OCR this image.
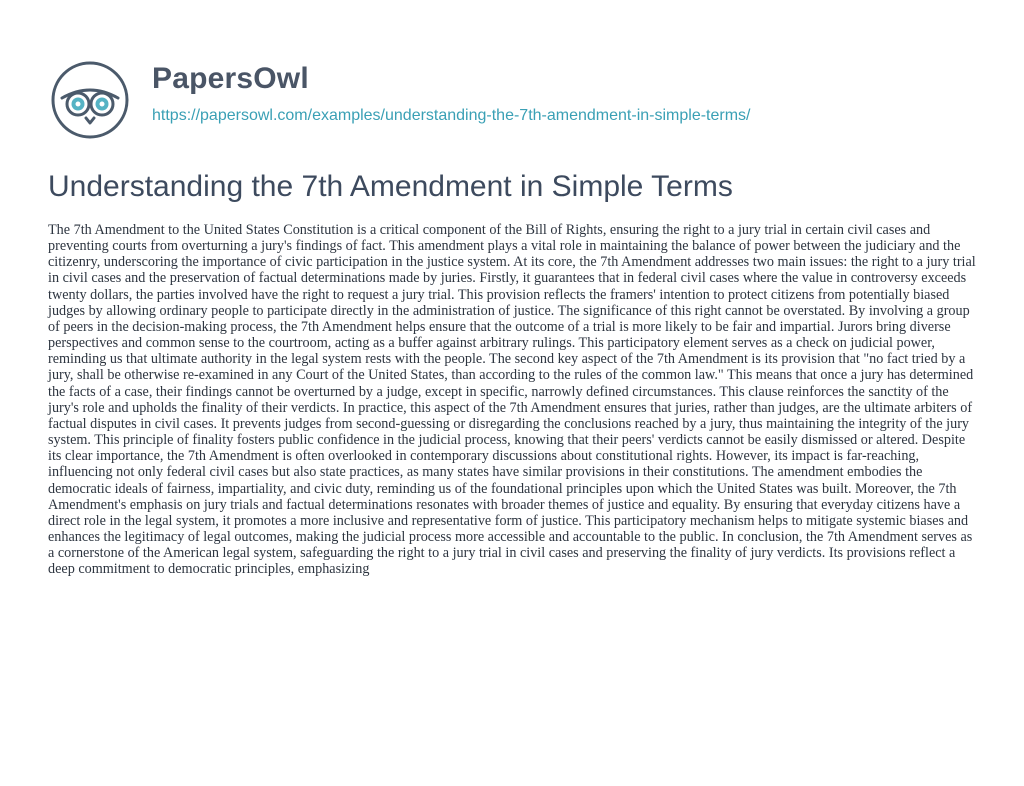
PapersOwl
https://papersowl.com/examples/understanding-the-7th-amendment-in-simple-terms/
Understanding the 7th Amendment in Simple Terms

The 7th Amendment to the United States Constitution is a critical component of the Bill of Rights, ensuring the right to a jury trial in certain civil cases and preventing courts from overturning a jury's findings of fact. This amendment plays a vital role in maintaining the balance of power between the judiciary and the citizenry, underscoring the importance of civic participation in the justice system. At its core, the 7th Amendment addresses two main issues: the right to a jury trial in civil cases and the preservation of factual determinations made by juries. Firstly, it guarantees that in federal civil cases where the value in controversy exceeds twenty dollars, the parties involved have the right to request a jury trial. This provision reflects the framers' intention to protect citizens from potentially biased judges by allowing ordinary people to participate directly in the administration of justice. The significance of this right cannot be overstated. By involving a group of peers in the decision-making process, the 7th Amendment helps ensure that the outcome of a trial is more likely to be fair and impartial. Jurors bring diverse perspectives and common sense to the courtroom, acting as a buffer against arbitrary rulings. This participatory element serves as a check on judicial power, reminding us that ultimate authority in the legal system rests with the people. The second key aspect of the 7th Amendment is its provision that "no fact tried by a jury, shall be otherwise re-examined in any Court of the United States, than according to the rules of the common law." This means that once a jury has determined the facts of a case, their findings cannot be overturned by a judge, except in specific, narrowly defined circumstances. This clause reinforces the sanctity of the jury's role and upholds the finality of their verdicts. In practice, this aspect of the 7th Amendment ensures that juries, rather than judges, are the ultimate arbiters of factual disputes in civil cases. It prevents judges from second-guessing or disregarding the conclusions reached by a jury, thus maintaining the integrity of the jury system. This principle of finality fosters public confidence in the judicial process, knowing that their peers' verdicts cannot be easily dismissed or altered. Despite its clear importance, the 7th Amendment is often overlooked in contemporary discussions about constitutional rights. However, its impact is far-reaching, influencing not only federal civil cases but also state practices, as many states have similar provisions in their constitutions. The amendment embodies the democratic ideals of fairness, impartiality, and civic duty, reminding us of the foundational principles upon which the United States was built. Moreover, the 7th Amendment's emphasis on jury trials and factual determinations resonates with broader themes of justice and equality. By ensuring that everyday citizens have a direct role in the legal system, it promotes a more inclusive and representative form of justice. This participatory mechanism helps to mitigate systemic biases and enhances the legitimacy of legal outcomes, making the judicial process more accessible and accountable to the public. In conclusion, the 7th Amendment serves as a cornerstone of the American legal system, safeguarding the right to a jury trial in civil cases and preserving the finality of jury verdicts. Its provisions reflect a deep commitment to democratic principles, emphasizing
